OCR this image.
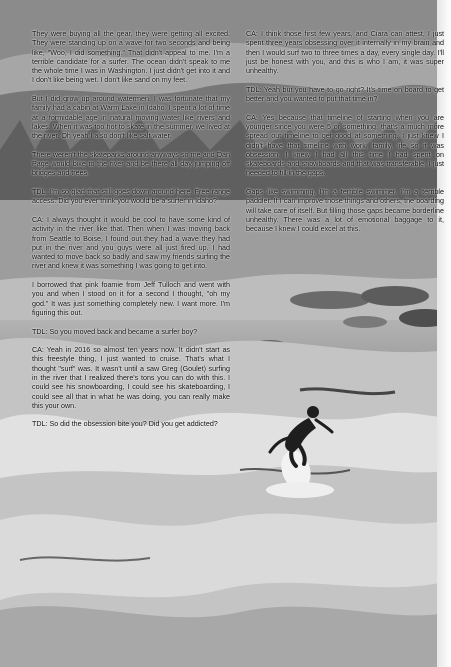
They were buying all the gear, they were getting all excited. They were standing up on a wave for two seconds and being like, "Woo, I did something." That didn't appeal to me. I'm a terrible candidate for a surfer. The ocean didn't speak to me the whole time I was in Washington. I just didn't get into it and I don't like being wet. I don't like sand on my feet.

But I did grow up around watermen. I was fortunate that my family had a cabin at Warm Lake in Idaho. I spent a lot of time at a formidable age in natural moving water like rivers and lakes. When it was too hot to skate in the summer, we lived at the river. Oh yeah I also don't like salt water.

There weren't the skateparks around anyways so me and Dan Page would bike to the river and be there all day jumping off bridges and trees.

TDL: I'm so glad that still goes down around here. Free range access. Did you ever think you would be a surfer in Idaho?

CA: I always thought it would be cool to have some kind of activity in the river like that. Then when I was moving back from Seattle to Boise, I found out they had a wave they had put in the river and you guys were all just fired up. I had wanted to move back so badly and saw my friends surfing the river and knew it was something I was going to get into.

I borrowed that pink foamie from Jeff Tulloch and went with you and when I stood on it for a second I thought, "oh my god." It was just something completely new. I want more. I'm figuring this out.

TDL: So you moved back and became a surfer boy?

CA: Yeah in 2016 so almost ten years now. It didn't start as this freestyle thing, I just wanted to cruise. That's what I thought "surf" was. It wasn't until a saw Greg (Goulet) surfing in the river that I realized there's tons you can do with this. I could see his snowboarding, I could see his skateboarding, I could see all that in what he was doing, you can really make this your own.

TDL: So did the obsession bite you? Did you get addicted?

CA: I think those first few years, and Ciara can attest, I just spent three years obsessing over it internally in my brain and then I would surf two to three times a day, every single day. I'll just be honest with you, and this is who I am, it was super unhealthy.

TDL: Yeah but you have to go right? It's time on board to get better and you wanted to put that time in?

CA: Yes because that timeline of starting when you are younger since you were 5 or something, that's a much more spread out timeline to get good at something. I just knew I didn't have that timeline with work, family, life so it was obsession. I knew I had all this time I had spent on skateboards and snowboards and that was transferable, I just needed to fill in the gaps.

Gaps like swimming, I'm a terrible swimmer. I'm a terrible paddler. If I can improve those things and others, the boarding will take care of itself. But filling those gaps became borderline unhealthy. There was a lot of emotional baggage to it, because I knew I could excel at this.
